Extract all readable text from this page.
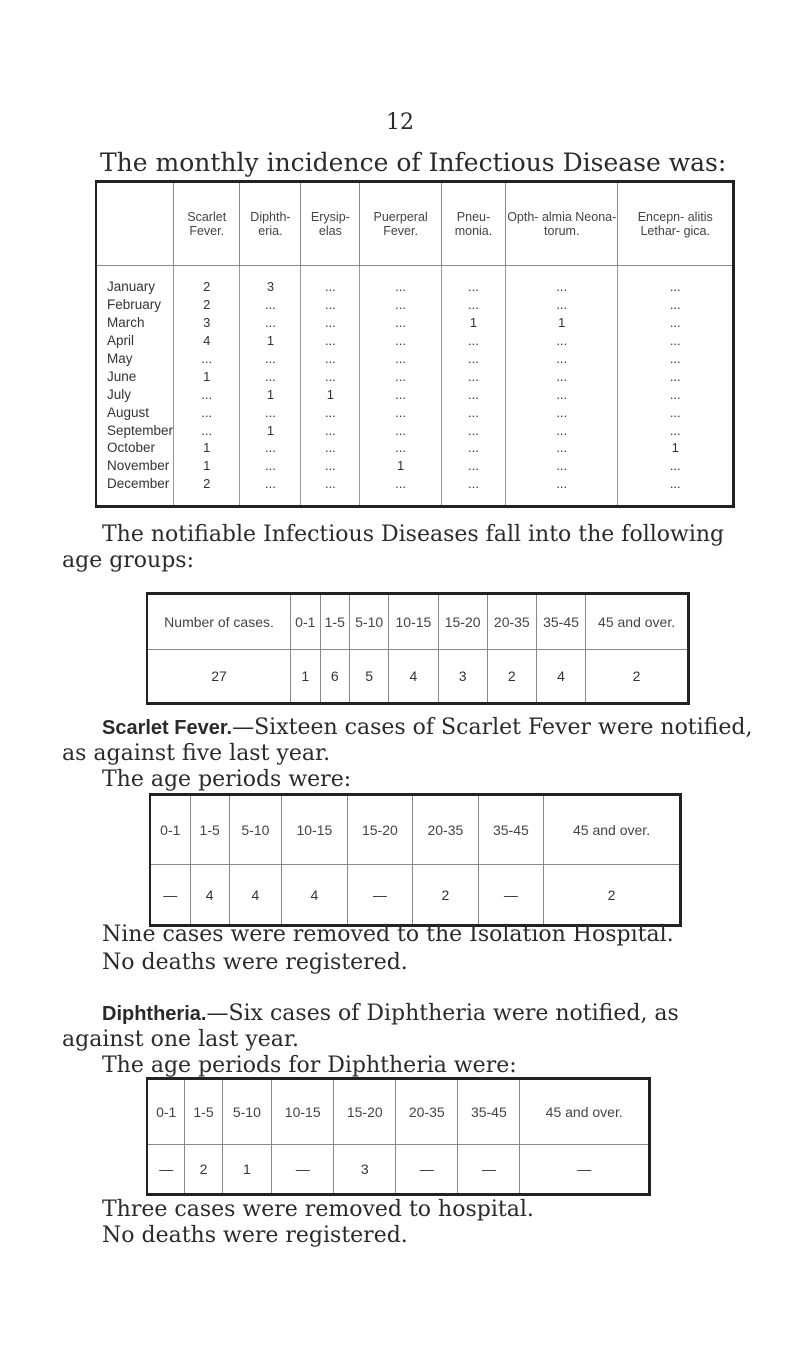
12
The monthly incidence of Infectious Disease was:
	Scarlet Fever.	Diphth- eria.	Erysip- elas	Puerperal Fever.	Pneu- monia.	Opth- almia Neona- torum.	Encepn- alitis Lethar- gica.
January	2	3	...	...	...	...	...
February	2	...	...	...	...	...	...
March	3	...	...	...	1	1	...
April	4	1	...	...	...	...	...
May	...	...	...	...	...	...	...
June	1	...	...	...	...	...	...
July	...	1	1	...	...	...	...
August	...	...	...	...	...	...	...
September	...	1	...	...	...	...	...
October	1	...	...	...	...	...	1
November	1	...	...	1	...	...	...
December	2	...	...	...	...	...	...
The notifiable Infectious Diseases fall into the following age groups:
Number of cases.	0-1	1-5	5-10	10-15	15-20	20-35	35-45	45 and over.
27	1	6	5	4	3	2	4	2
Scarlet Fever.—Sixteen cases of Scarlet Fever were notified, as against five last year.
The age periods were:
0-1	1-5	5-10	10-15	15-20	20-35	35-45	45 and over.
—	4	4	4	—	2	—	2
Nine cases were removed to the Isolation Hospital.
No deaths were registered.
Diphtheria.—Six cases of Diphtheria were notified, as against one last year.
The age periods for Diphtheria were:
0-1	1-5	5-10	10-15	15-20	20-35	35-45	45 and over.
—	2	1	—	3	—	—	—
Three cases were removed to hospital.
No deaths were registered.
